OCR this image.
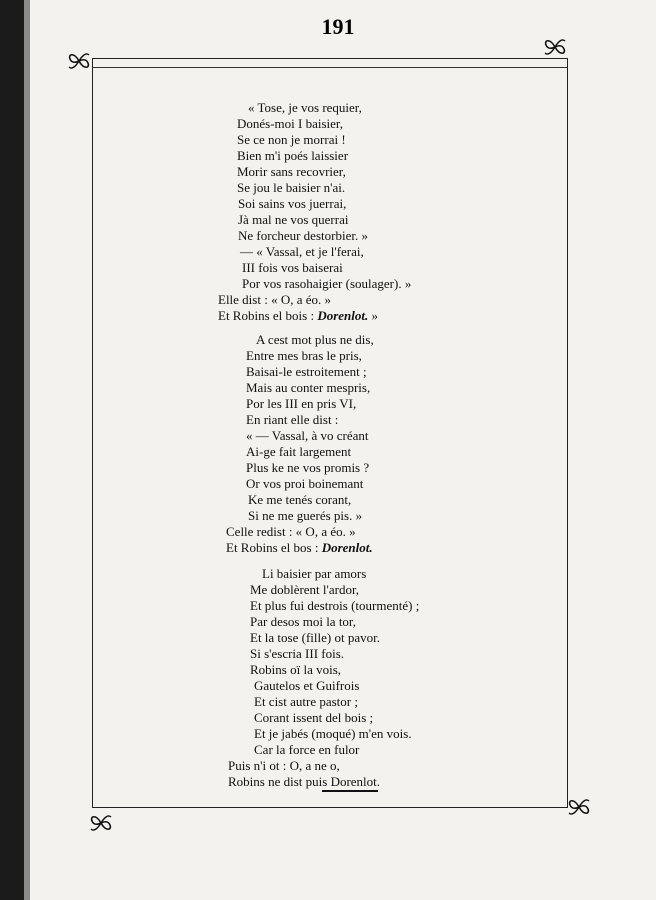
191
« Tose, je vos requier,
Donés-moi I baisier,
Se ce non je morrai !
Bien m'i poés laissier
Morir sans recovrier,
Se jou le baisier n'ai.
Soi sains vos juerrai,
Jà mal ne vos querrai
Ne forcheur destorbier. »
— « Vassal, et je l'ferai,
III fois vos baiserai
Por vos rasohaigier (soulager). »
Elle dist : « O, a éo. »
Et Robins el bois : Dorenlot. »
A cest mot plus ne dis,
Entre mes bras le pris,
Baisai-le estroitement ;
Mais au conter mespris,
Por les III en pris VI,
En riant elle dist :
« — Vassal, à vo créant
Ai-ge fait largement
Plus ke ne vos promis ?
Or vos proi boinemant
Ke me tenés corant,
Si ne me guerés pis. »
Celle redist : « O, a éo. »
Et Robins el bos : Dorenlot.
Li baisier par amors
Me doblèrent l'ardor,
Et plus fui destrois (tourmenté) ;
Par desos moi la tor,
Et la tose (fille) ot pavor.
Si s'escria III fois.
Robins oï la vois,
Gautelos et Guifrois
Et cist autre pastor ;
Corant issent del bois ;
Et je jabés (moqué) m'en vois.
Car la force en fulor
Puis n'i ot : O, a ne o,
Robins ne dist puis Dorenlot.
